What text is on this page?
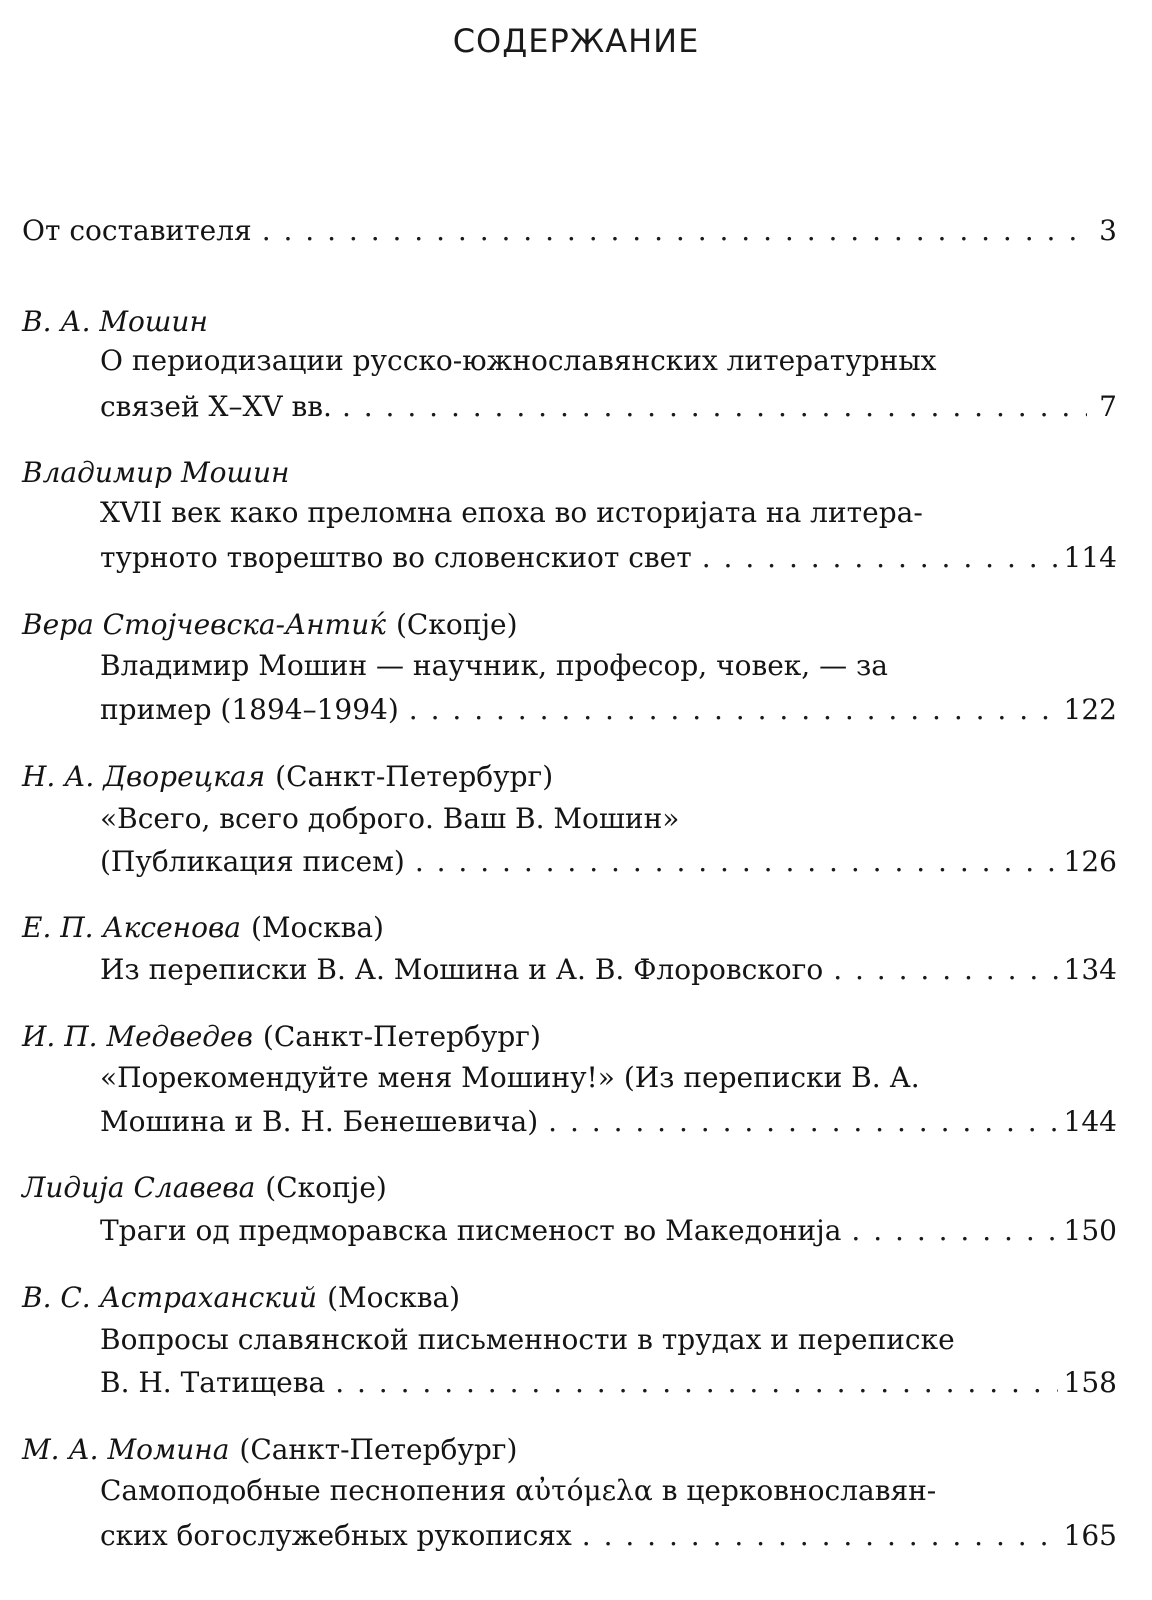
СОДЕРЖАНИЕ
От составителя . . .	3
В. А. Мошин
О периодизации русско-южнославянских литературных
связей X–XV вв. . . .	7
Владимир Мошин
XVII век како преломна епоха во историјата на литера-
турното творештво во словенскиот свет . . .	114
Вера Стојчевска-Антиќ (Скопје)
Владимир Мошин — научник, професор, човек, — за
пример (1894–1994) . . .	122
Н. А. Дворецкая (Санкт-Петербург)
«Всего, всего доброго. Ваш В. Мошин»
(Публикация писем) . . .	126
Е. П. Аксенова (Москва)
Из переписки В. А. Мошина и А. В. Флоровского . . .	134
И. П. Медведев (Санкт-Петербург)
«Порекомендуйте меня Мошину!» (Из переписки В. А.
Мошина и В. Н. Бенешевича) . . .	144
Лидија Славева (Скопје)
Траги од предморавска писменост во Македонија . . .	150
В. С. Астраханский (Москва)
Вопросы славянской письменности в трудах и переписке
В. Н. Татищева . . .	158
М. А. Момина (Санкт-Петербург)
Самоподобные песнопения αὐτόμελα в церковнославян-
ских богослужебных рукописях . . .	165
